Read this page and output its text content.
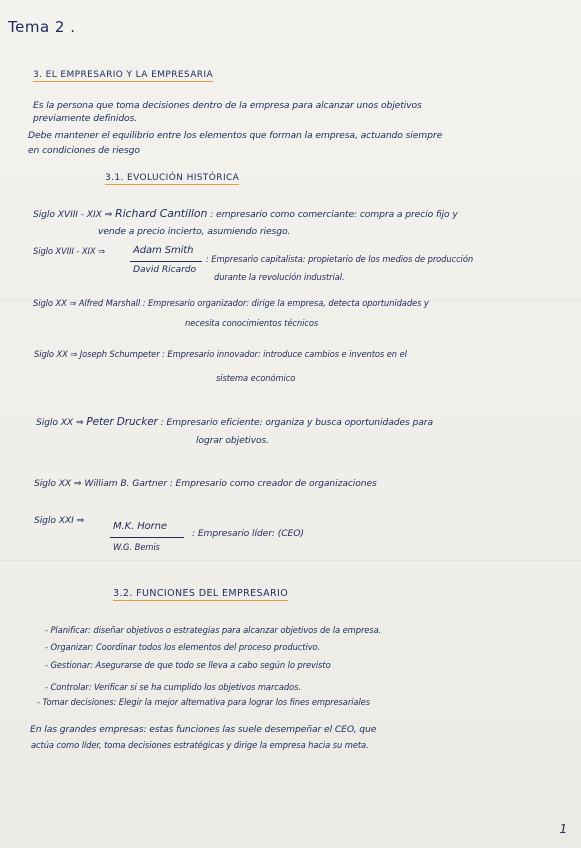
Tema 2 .
3. EL EMPRESARIO Y LA EMPRESARIA
Es la persona que toma decisiones dentro de la empresa para alcanzar unos objetivos
previamente definidos.
Debe mantener el equilibrio entre los elementos que forman la empresa, actuando siempre
en condiciones de riesgo
3.1. EVOLUCIÓN HISTÓRICA
Siglo XVIII - XIX ⇒ Richard Cantillon : empresario como comerciante: compra a precio fijo y
vende a precio incierto, asumiendo riesgo.
Siglo XVIII - XIX ⇒	Adam Smith
David Ricardo
: Empresario capitalista: propietario de los medios de producción
durante la revolución industrial.
Siglo XX ⇒ Alfred Marshall : Empresario organizador: dirige la empresa, detecta oportunidades y
necesita conocimientos técnicos
Siglo XX ⇒ Joseph Schumpeter : Empresario innovador: introduce cambios e inventos en el
sistema económico
Siglo XX ⇒ Peter Drucker : Empresario eficiente: organiza y busca oportunidades para
lograr objetivos.
Siglo XX ⇒ William B. Gartner : Empresario como creador de organizaciones
Siglo XXI ⇒
M.K. Horne
W.G. Bemis
: Empresario líder: (CEO)
3.2. FUNCIONES DEL EMPRESARIO
- Planificar: diseñar objetivos o estrategias para alcanzar objetivos de la empresa.
- Organizar: Coordinar todos los elementos del proceso productivo.
- Gestionar: Asegurarse de que todo se lleva a cabo según lo previsto
- Controlar: Verificar si se ha cumplido los objetivos marcados.
- Tomar decisiones: Elegir la mejor alternativa para lograr los fines empresariales
En las grandes empresas: estas funciones las suele desempeñar el CEO, que
actúa como líder, toma decisiones estratégicas y dirige la empresa hacia su meta.
1
